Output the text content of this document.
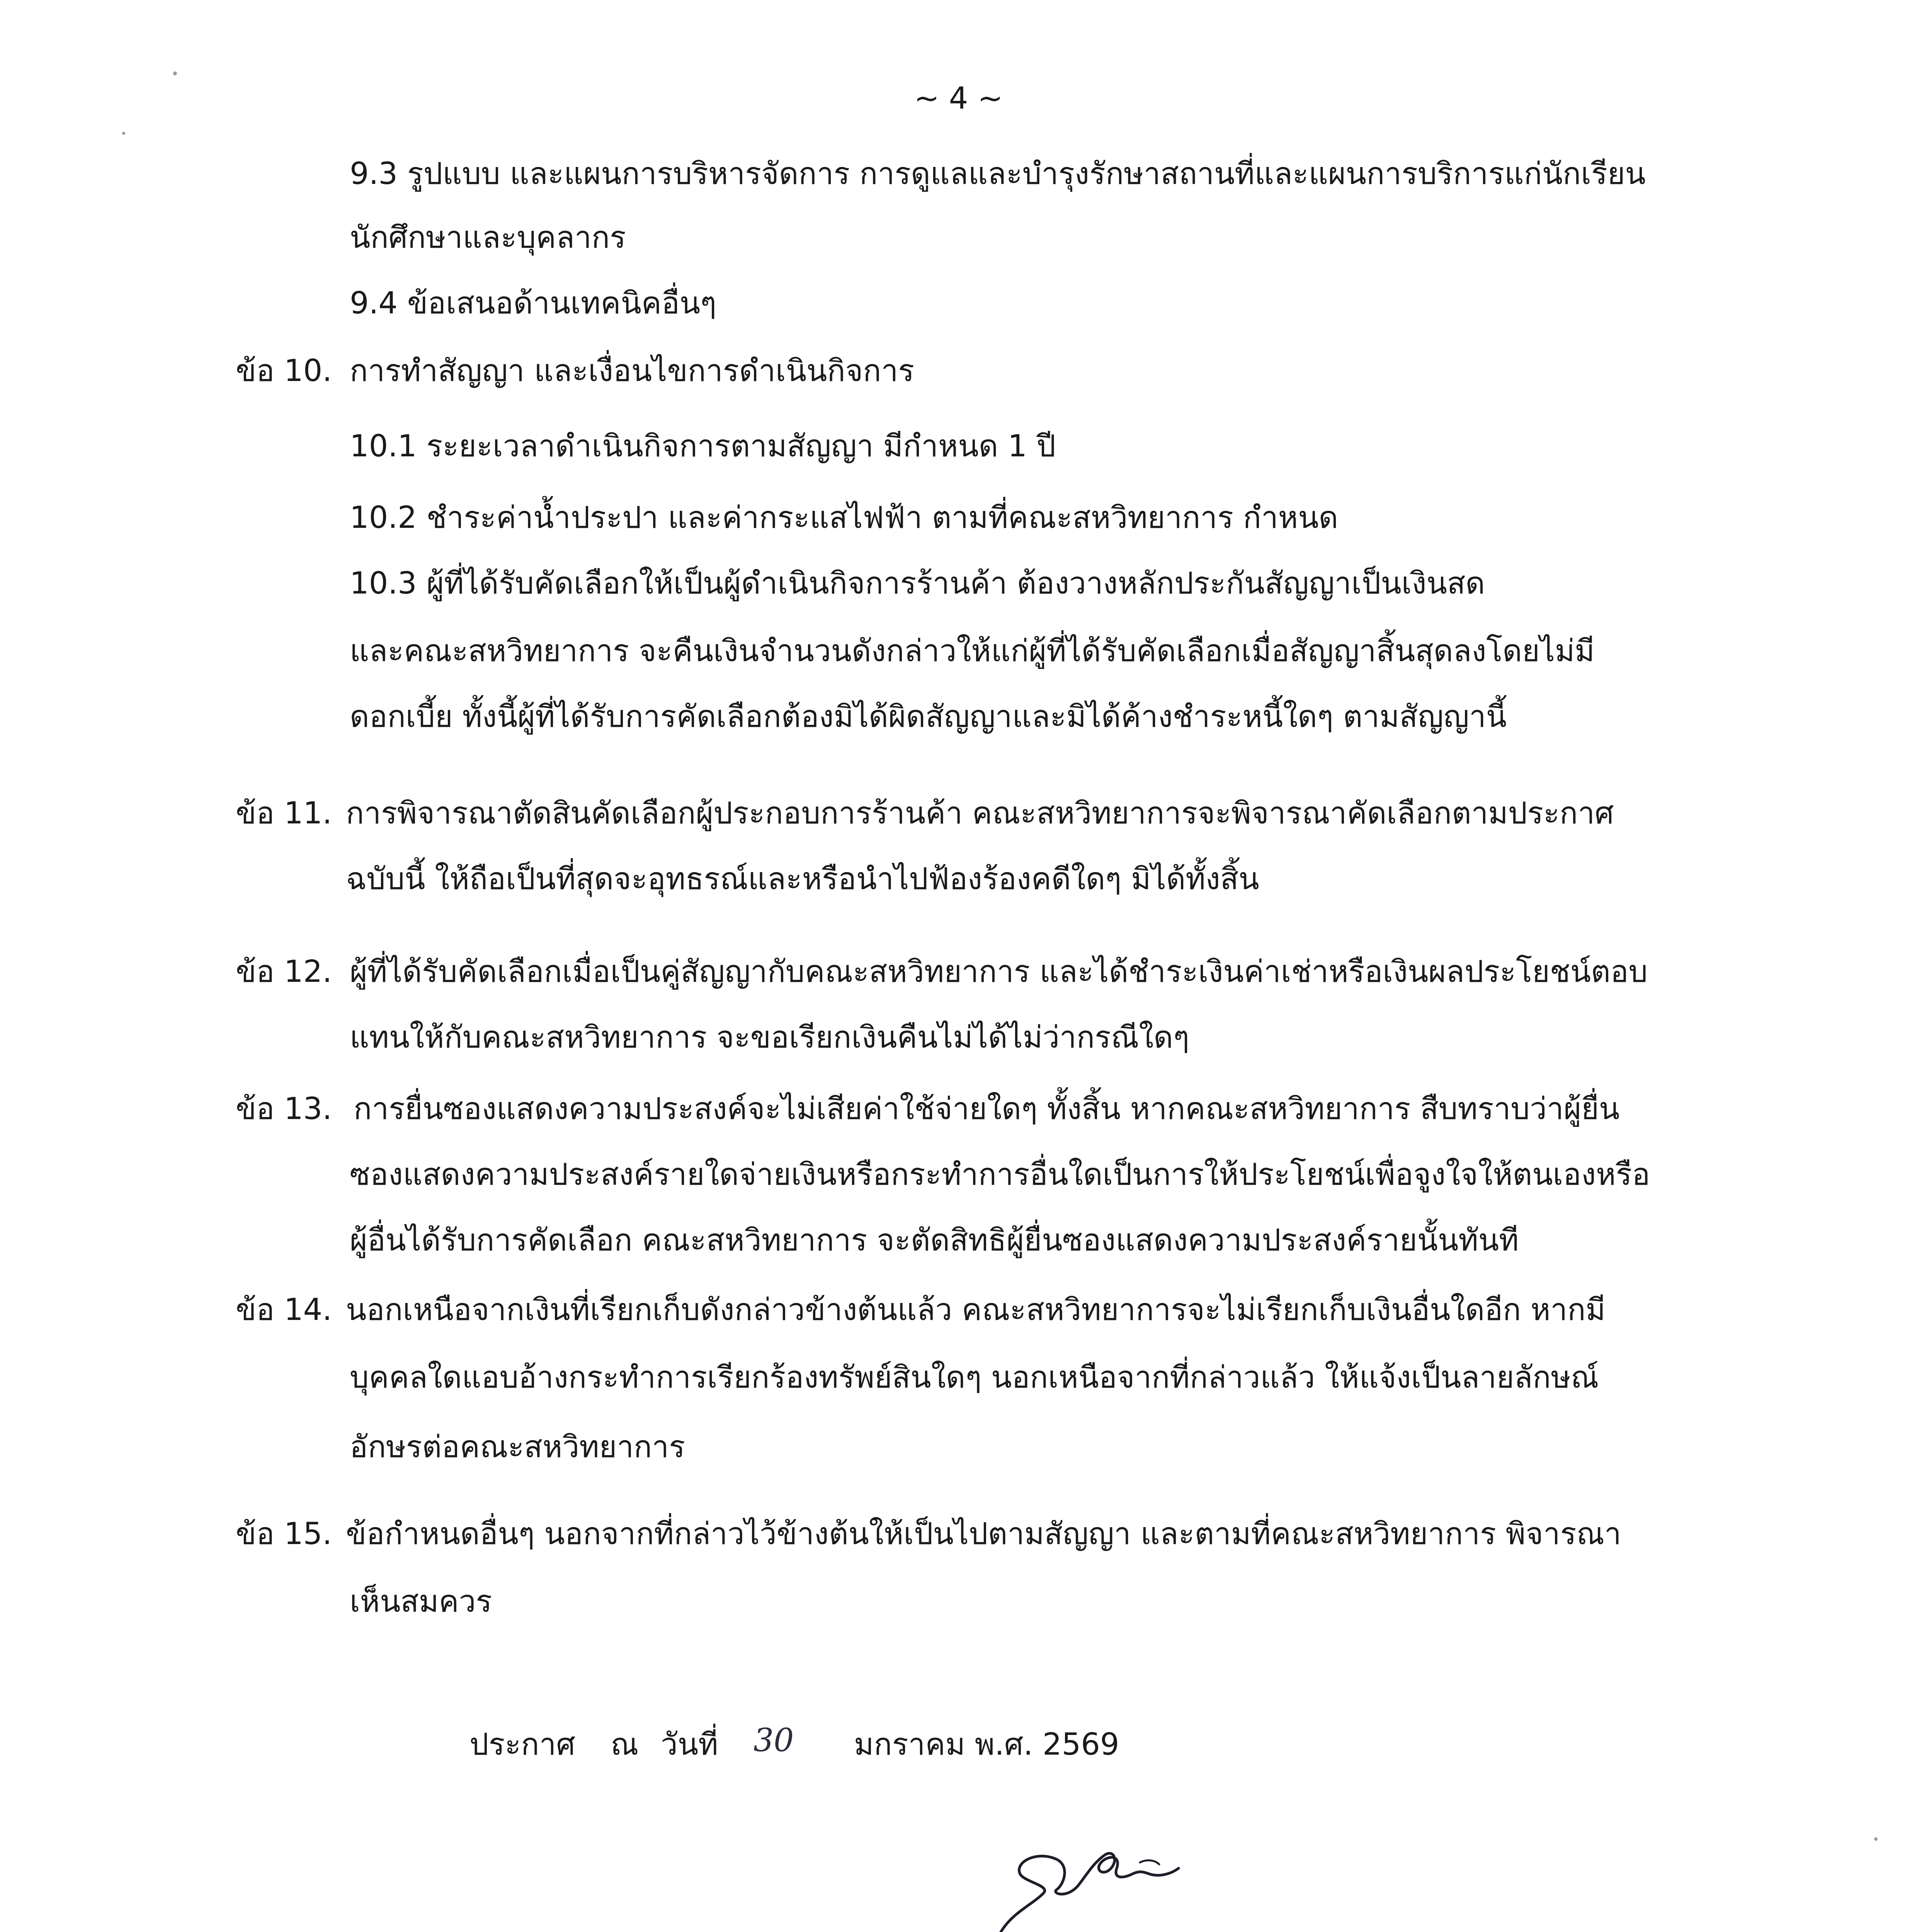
~ 4 ~
9.3 รูปแบบ และแผนการบริหารจัดการ การดูแลและบำรุงรักษาสถานที่และแผนการบริการแก่นักเรียน
นักศึกษาและบุคลากร
9.4 ข้อเสนอด้านเทคนิคอื่นๆ
ข้อ 10. การทำสัญญา และเงื่อนไขการดำเนินกิจการ
10.1 ระยะเวลาดำเนินกิจการตามสัญญา มีกำหนด 1 ปี
10.2 ชำระค่าน้ำประปา และค่ากระแสไฟฟ้า ตามที่คณะสหวิทยาการ กำหนด
10.3 ผู้ที่ได้รับคัดเลือกให้เป็นผู้ดำเนินกิจการร้านค้า ต้องวางหลักประกันสัญญาเป็นเงินสด
และคณะสหวิทยาการ จะคืนเงินจำนวนดังกล่าวให้แก่ผู้ที่ได้รับคัดเลือกเมื่อสัญญาสิ้นสุดลงโดยไม่มี
ดอกเบี้ย ทั้งนี้ผู้ที่ได้รับการคัดเลือกต้องมิได้ผิดสัญญาและมิได้ค้างชำระหนี้ใดๆ ตามสัญญานี้
ข้อ 11. การพิจารณาตัดสินคัดเลือกผู้ประกอบการร้านค้า คณะสหวิทยาการจะพิจารณาคัดเลือกตามประกาศ
ฉบับนี้ ให้ถือเป็นที่สุดจะอุทธรณ์และหรือนำไปฟ้องร้องคดีใดๆ มิได้ทั้งสิ้น
ข้อ 12. ผู้ที่ได้รับคัดเลือกเมื่อเป็นคู่สัญญากับคณะสหวิทยาการ และได้ชำระเงินค่าเช่าหรือเงินผลประโยชน์ตอบ
แทนให้กับคณะสหวิทยาการ จะขอเรียกเงินคืนไม่ได้ไม่ว่ากรณีใดๆ
ข้อ 13. การยื่นซองแสดงความประสงค์จะไม่เสียค่าใช้จ่ายใดๆ ทั้งสิ้น หากคณะสหวิทยาการ สืบทราบว่าผู้ยื่น
ซองแสดงความประสงค์รายใดจ่ายเงินหรือกระทำการอื่นใดเป็นการให้ประโยชน์เพื่อจูงใจให้ตนเองหรือ
ผู้อื่นได้รับการคัดเลือก คณะสหวิทยาการ จะตัดสิทธิผู้ยื่นซองแสดงความประสงค์รายนั้นทันที
ข้อ 14. นอกเหนือจากเงินที่เรียกเก็บดังกล่าวข้างต้นแล้ว คณะสหวิทยาการจะไม่เรียกเก็บเงินอื่นใดอีก หากมี
บุคคลใดแอบอ้างกระทำการเรียกร้องทรัพย์สินใดๆ นอกเหนือจากที่กล่าวแล้ว ให้แจ้งเป็นลายลักษณ์
อักษรต่อคณะสหวิทยาการ
ข้อ 15. ข้อกำหนดอื่นๆ นอกจากที่กล่าวไว้ข้างต้นให้เป็นไปตามสัญญา และตามที่คณะสหวิทยาการ พิจารณา
เห็นสมควร
ประกาศ ณ วันที่ 30 มกราคม พ.ศ. 2569
